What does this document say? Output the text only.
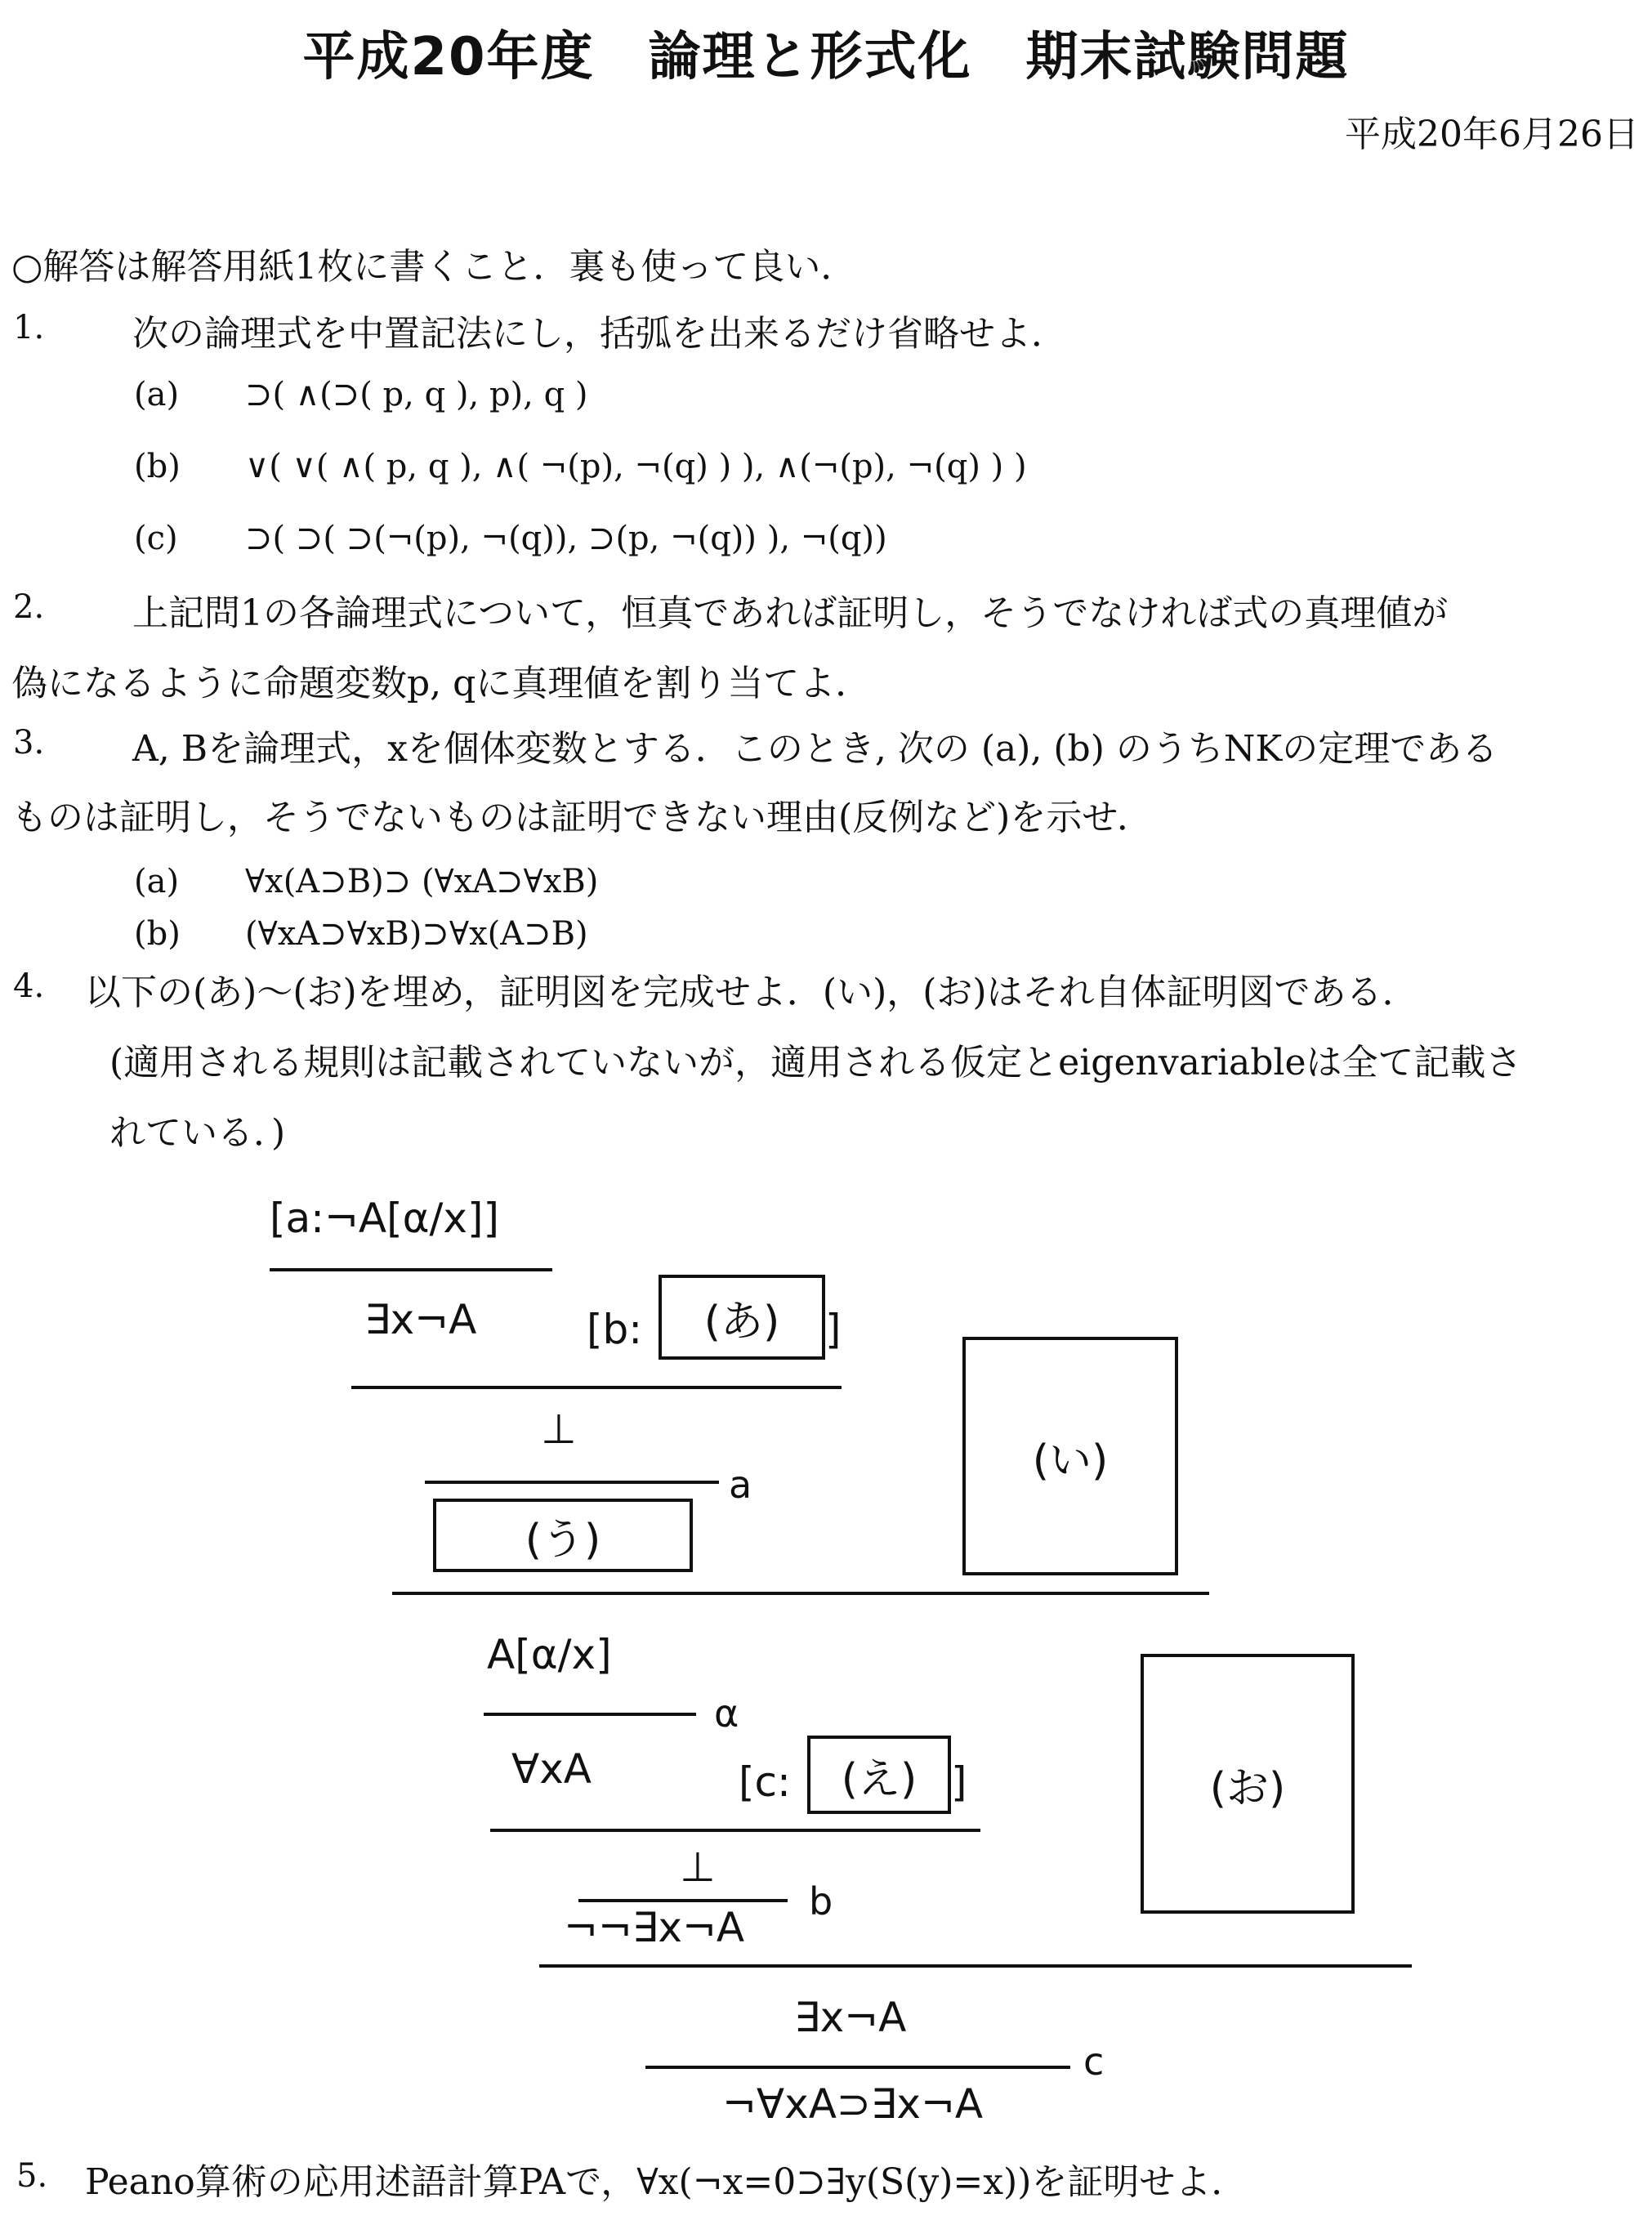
平成20年度　論理と形式化　期末試験問題
平成20年6月26日
○解答は解答用紙1枚に書くこと．裏も使って良い．
1. 次の論理式を中置記法にし，括弧を出来るだけ省略せよ．
(a) ⊃( ∧(⊃( p, q ), p), q )
(b) ∨( ∨( ∧( p, q ), ∧( ¬(p), ¬(q) ) ), ∧(¬(p), ¬(q) ) )
(c) ⊃( ⊃( ⊃(¬(p), ¬(q)), ⊃(p, ¬(q)) ), ¬(q))
2. 上記問1の各論理式について，恒真であれば証明し，そうでなければ式の真理値が
偽になるように命題変数p, qに真理値を割り当てよ．
3. A, Bを論理式，xを個体変数とする．このとき, 次の (a), (b) のうちNKの定理である
ものは証明し，そうでないものは証明できない理由(反例など)を示せ．
(a) ∀x(A⊃B)⊃ (∀xA⊃∀xB)
(b) (∀xA⊃∀xB)⊃∀x(A⊃B)
4. 以下の(あ)〜(お)を埋め，証明図を完成せよ．(い)，(お)はそれ自体証明図である．
(適用される規則は記載されていないが，適用される仮定とeigenvariableは全て記載さ
れている．)
[a:¬A[α/x]]
∃x¬A	[b:	(あ)	]
⊥
a
(う)
(い)
A[α/x]
α
∀xA	[c:	(え) ]
⊥
b
¬¬∃x¬A
(お)
∃x¬A
c
¬∀xA⊃∃x¬A
5. Peano算術の応用述語計算PAで，∀x(¬x=0⊃∃y(S(y)=x))を証明せよ．
